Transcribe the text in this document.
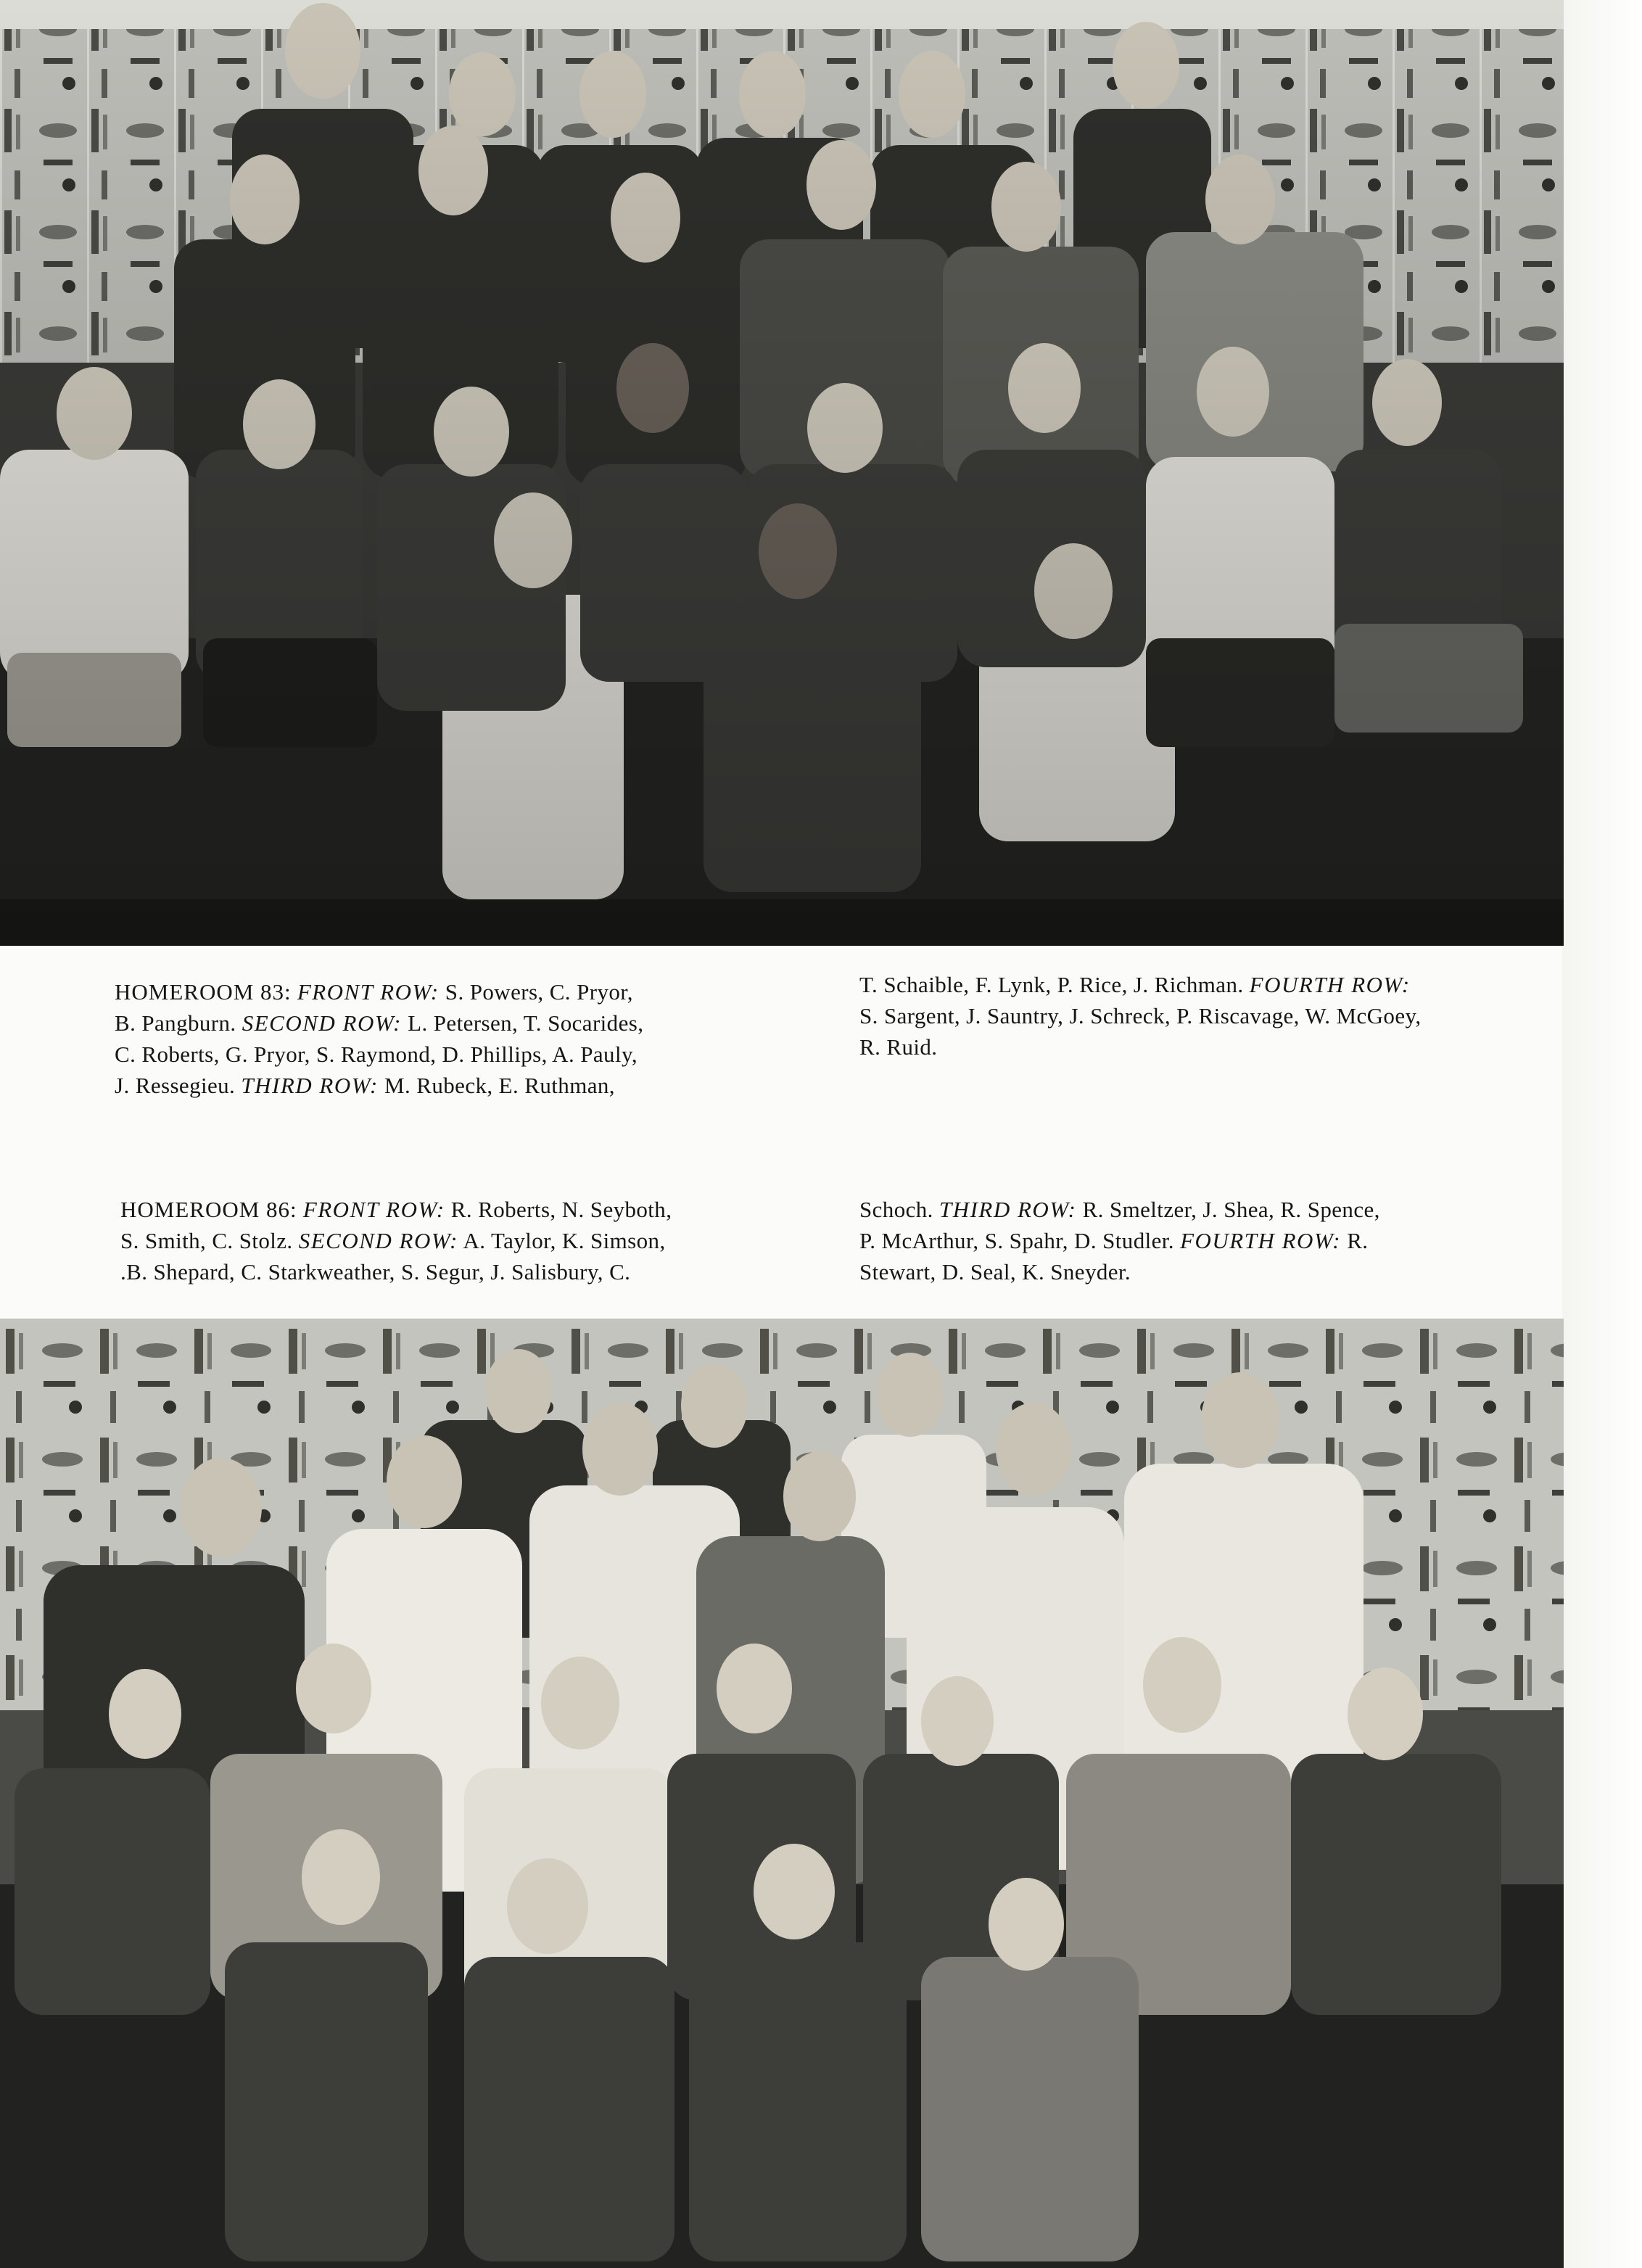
HOMEROOM 83: FRONT ROW: S. Powers, C. Pryor,
B. Pangburn. SECOND ROW: L. Petersen, T. Socarides,
C. Roberts, G. Pryor, S. Raymond, D. Phillips, A. Pauly,
J. Ressegieu. THIRD ROW: M. Rubeck, E. Ruthman,
T. Schaible, F. Lynk, P. Rice, J. Richman. FOURTH ROW:
S. Sargent, J. Sauntry, J. Schreck, P. Riscavage, W. McGoey,
R. Ruid.
HOMEROOM 86: FRONT ROW: R. Roberts, N. Seyboth,
S. Smith, C. Stolz. SECOND ROW: A. Taylor, K. Simson,
.B. Shepard, C. Starkweather, S. Segur, J. Salisbury, C.
Schoch. THIRD ROW: R. Smeltzer, J. Shea, R. Spence,
P. McArthur, S. Spahr, D. Studler. FOURTH ROW: R.
Stewart, D. Seal, K. Sneyder.
